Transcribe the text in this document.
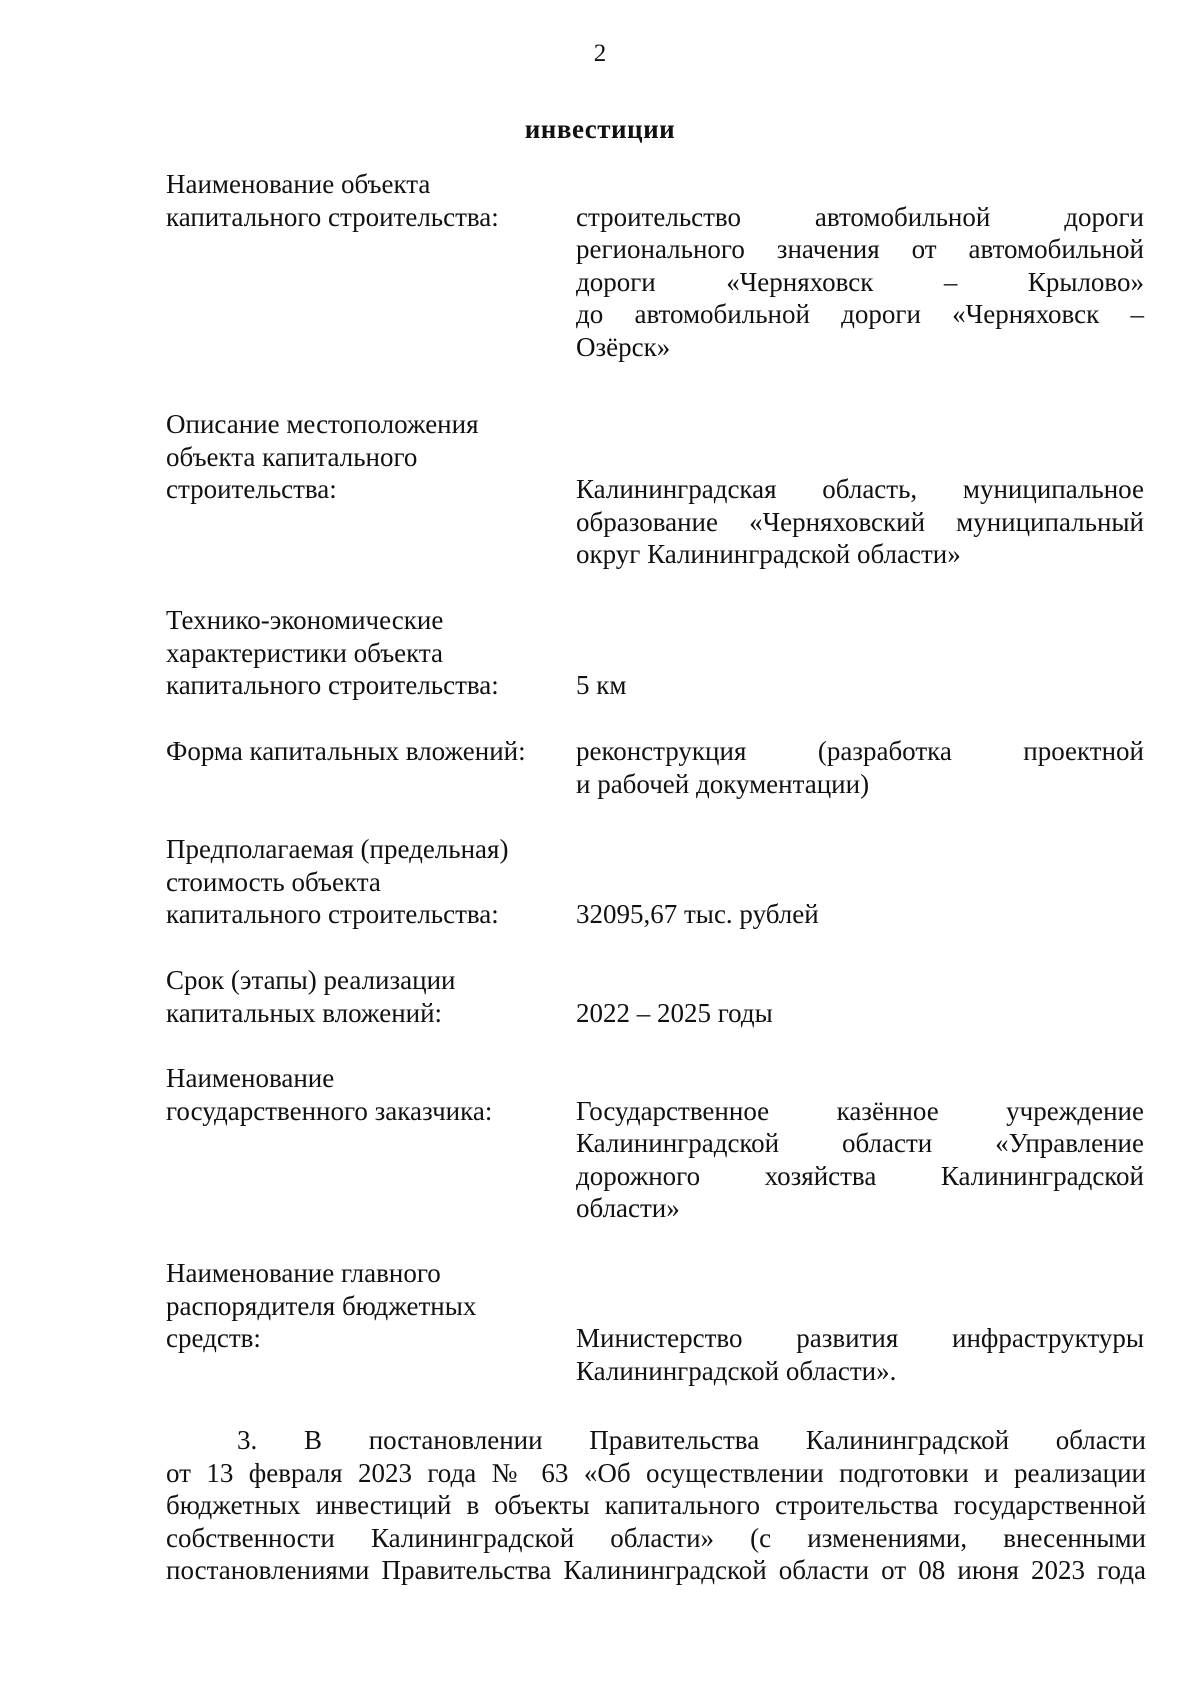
2
инвестиции
Наименование объекта
капитального строительства:	строительство автомобильной дороги
регионального значения от автомобильной
дороги «Черняховск – Крылово»
до автомобильной дороги «Черняховск –
Озёрск»
Описание местоположения
объекта капитального
строительства:	Калининградская область, муниципальное
образование «Черняховский муниципальный
округ Калининградской области»
Технико-экономические
характеристики объекта
капитального строительства:	5 км
Форма капитальных вложений:	реконструкция (разработка проектной
и рабочей документации)
Предполагаемая (предельная)
стоимость объекта
капитального строительства:	32095,67 тыс. рублей
Срок (этапы) реализации
капитальных вложений:	2022 – 2025 годы
Наименование
государственного заказчика:	Государственное казённое учреждение
Калининградской области «Управление
дорожного хозяйства Калининградской
области»
Наименование главного
распорядителя бюджетных
средств:	Министерство развития инфраструктуры
Калининградской области».
3. В постановлении Правительства Калининградской области
от 13 февраля 2023 года № 63 «Об осуществлении подготовки и реализации
бюджетных инвестиций в объекты капитального строительства государственной
собственности Калининградской области» (с изменениями, внесенными
постановлениями Правительства Калининградской области от 08 июня 2023 года
